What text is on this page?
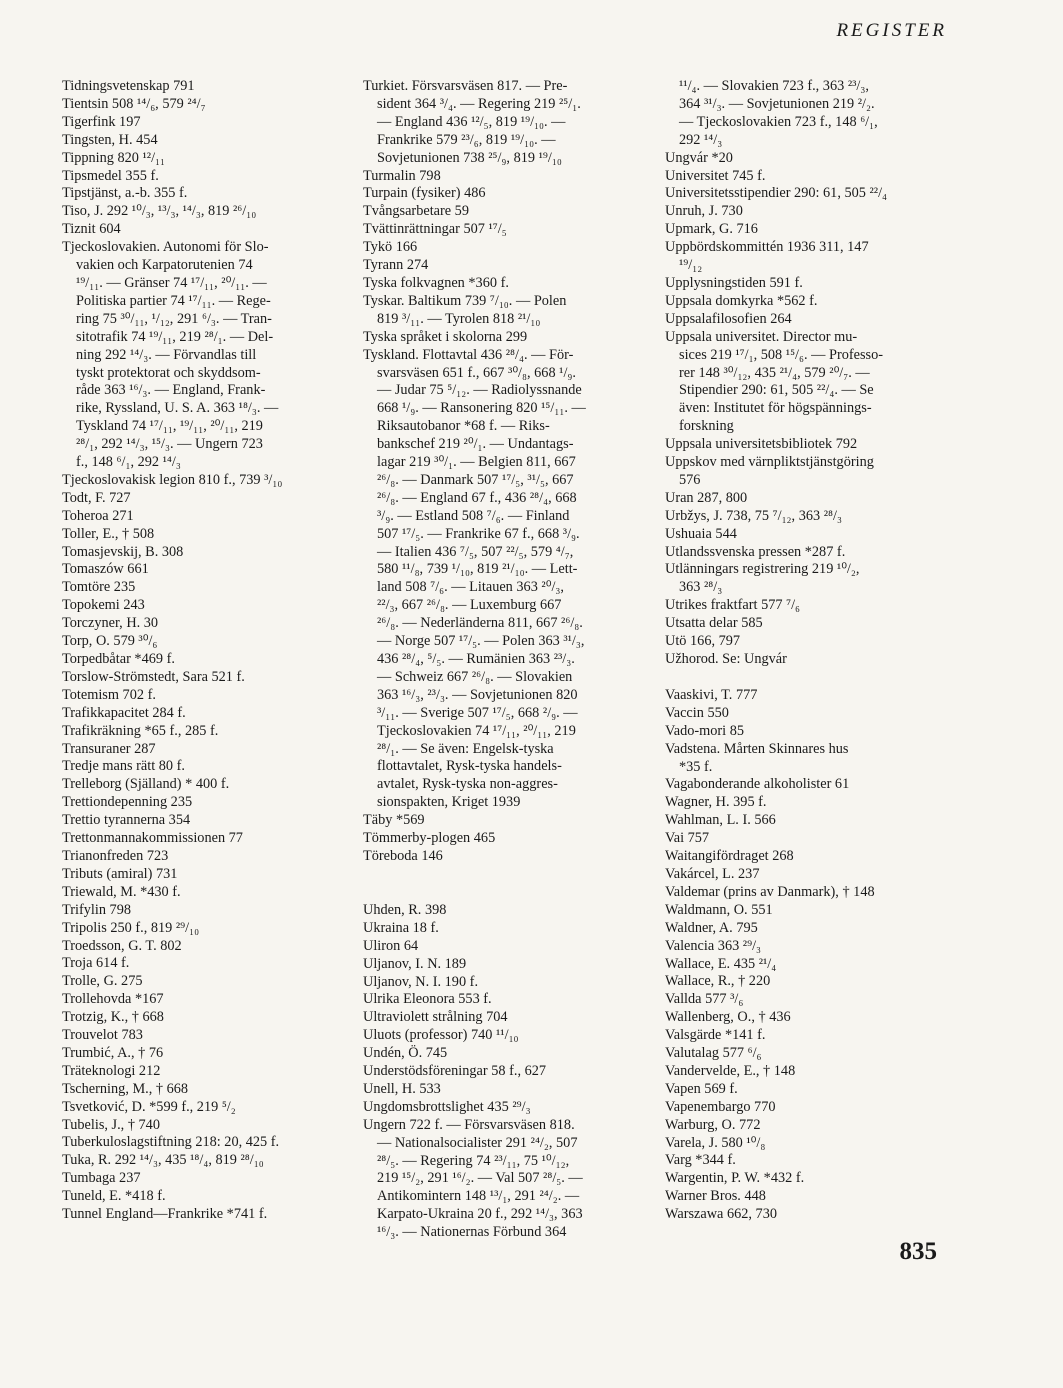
REGISTER
Tidningsvetenskap 791
Tientsin 508 ¹⁴/₆, 579 ²⁴/₇
Tigerfink 197
Tingsten, H. 454
Tippning 820 ¹²/₁₁
Tipsmedel 355 f.
Tipstjänst, a.-b. 355 f.
Tiso, J. 292 ¹⁰/₃, ¹³/₃, ¹⁴/₃, 819 ²⁶/₁₀
Tiznit 604
Tjeckoslovakien. Autonomi för Slo-
vakien och Karpatorutenien 74
¹⁹/₁₁. — Gränser 74 ¹⁷/₁₁, ²⁰/₁₁. —
Politiska partier 74 ¹⁷/₁₁. — Rege-
ring 75 ³⁰/₁₁, ¹/₁₂, 291 ⁶/₃. — Tran-
sitotrafik 74 ¹⁹/₁₁, 219 ²⁸/₁. — Del-
ning 292 ¹⁴/₃. — Förvandlas till
tyskt protektorat och skyddsom-
råde 363 ¹⁶/₃. — England, Frank-
rike, Ryssland, U. S. A. 363 ¹⁸/₃. —
Tyskland 74 ¹⁷/₁₁, ¹⁹/₁₁, ²⁰/₁₁, 219
²⁸/₁, 292 ¹⁴/₃, ¹⁵/₃. — Ungern 723
f., 148 ⁶/₁, 292 ¹⁴/₃
Tjeckoslovakisk legion 810 f., 739 ³/₁₀
Todt, F. 727
Toheroa 271
Toller, E., † 508
Tomasjevskij, B. 308
Tomaszów 661
Tomtöre 235
Topokemi 243
Torczyner, H. 30
Torp, O. 579 ³⁰/₆
Torpedbåtar *469 f.
Torslow-Strömstedt, Sara 521 f.
Totemism 702 f.
Trafikkapacitet 284 f.
Trafikräkning *65 f., 285 f.
Transuraner 287
Tredje mans rätt 80 f.
Trelleborg (Själland) * 400 f.
Trettiondepenning 235
Trettio tyrannerna 354
Trettonmannakommissionen 77
Trianonfreden 723
Tributs (amiral) 731
Triewald, M. *430 f.
Trifylin 798
Tripolis 250 f., 819 ²⁹/₁₀
Troedsson, G. T. 802
Troja 614 f.
Trolle, G. 275
Trollehovda *167
Trotzig, K., † 668
Trouvelot 783
Trumbić, A., † 76
Träteknologi 212
Tscherning, M., † 668
Tsvetković, D. *599 f., 219 ⁵/₂
Tubelis, J., † 740
Tuberkuloslagstiftning 218: 20, 425 f.
Tuka, R. 292 ¹⁴/₃, 435 ¹⁸/₄, 819 ²⁸/₁₀
Tumbaga 237
Tuneld, E. *418 f.
Tunnel England—Frankrike *741 f.
Turkiet. Försvarsväsen 817. — Pre-
sident 364 ³/₄. — Regering 219 ²⁵/₁.
— England 436 ¹²/₅, 819 ¹⁹/₁₀. —
Frankrike 579 ²³/₆, 819 ¹⁹/₁₀. —
Sovjetunionen 738 ²⁵/₉, 819 ¹⁹/₁₀
Turmalin 798
Turpain (fysiker) 486
Tvångsarbetare 59
Tvättinrättningar 507 ¹⁷/₅
Tykö 166
Tyrann 274
Tyska folkvagnen *360 f.
Tyskar. Baltikum 739 ⁷/₁₀. — Polen
819 ³/₁₁. — Tyrolen 818 ²¹/₁₀
Tyska språket i skolorna 299
Tyskland. Flottavtal 436 ²⁸/₄. — För-
svarsväsen 651 f., 667 ³⁰/₈, 668 ¹/₉.
— Judar 75 ⁵/₁₂. — Radiolyssnande
668 ¹/₉. — Ransonering 820 ¹⁵/₁₁. —
Riksautobanor *68 f. — Riks-
bankschef 219 ²⁰/₁. — Undantags-
lagar 219 ³⁰/₁. — Belgien 811, 667
²⁶/₈. — Danmark 507 ¹⁷/₅, ³¹/₅, 667
²⁶/₈. — England 67 f., 436 ²⁸/₄, 668
³/₉. — Estland 508 ⁷/₆. — Finland
507 ¹⁷/₅. — Frankrike 67 f., 668 ³/₉.
— Italien 436 ⁷/₅, 507 ²²/₅, 579 ⁴/₇,
580 ¹¹/₈, 739 ¹/₁₀, 819 ²¹/₁₀. — Lett-
land 508 ⁷/₆. — Litauen 363 ²⁰/₃,
²²/₃, 667 ²⁶/₈. — Luxemburg 667
²⁶/₈. — Nederländerna 811, 667 ²⁶/₈.
— Norge 507 ¹⁷/₅. — Polen 363 ³¹/₃,
436 ²⁸/₄, ⁵/₅. — Rumänien 363 ²³/₃.
— Schweiz 667 ²⁶/₈. — Slovakien
363 ¹⁶/₃, ²³/₃. — Sovjetunionen 820
³/₁₁. — Sverige 507 ¹⁷/₅, 668 ²/₉. —
Tjeckoslovakien 74 ¹⁷/₁₁, ²⁰/₁₁, 219
²⁸/₁. — Se även: Engelsk-tyska
flottavtalet, Rysk-tyska handels-
avtalet, Rysk-tyska non-aggres-
sionspakten, Kriget 1939
Täby *569
Tömmerby-plogen 465
Töreboda 146
Uhden, R. 398
Ukraina 18 f.
Uliron 64
Uljanov, I. N. 189
Uljanov, N. I. 190 f.
Ulrika Eleonora 553 f.
Ultraviolett strålning 704
Uluots (professor) 740 ¹¹/₁₀
Undén, Ö. 745
Understödsföreningar 58 f., 627
Unell, H. 533
Ungdomsbrottslighet 435 ²⁹/₃
Ungern 722 f. — Försvarsväsen 818.
— Nationalsocialister 291 ²⁴/₂, 507
²⁸/₅. — Regering 74 ²³/₁₁, 75 ¹⁰/₁₂,
219 ¹⁵/₂, 291 ¹⁶/₂. — Val 507 ²⁸/₅. —
Antikomintern 148 ¹³/₁, 291 ²⁴/₂. —
Karpato-Ukraina 20 f., 292 ¹⁴/₃, 363
¹⁶/₃. — Nationernas Förbund 364
¹¹/₄. — Slovakien 723 f., 363 ²³/₃,
364 ³¹/₃. — Sovjetunionen 219 ²/₂.
— Tjeckoslovakien 723 f., 148 ⁶/₁,
292 ¹⁴/₃
Ungvár *20
Universitet 745 f.
Universitetsstipendier 290: 61, 505 ²²/₄
Unruh, J. 730
Upmark, G. 716
Uppbördskommittén 1936 311, 147
¹⁹/₁₂
Upplysningstiden 591 f.
Uppsala domkyrka *562 f.
Uppsalafilosofien 264
Uppsala universitet. Director mu-
sices 219 ¹⁷/₁, 508 ¹⁵/₆. — Professo-
rer 148 ³⁰/₁₂, 435 ²¹/₄, 579 ²⁰/₇. —
Stipendier 290: 61, 505 ²²/₄. — Se
även: Institutet för högspännings-
forskning
Uppsala universitetsbibliotek 792
Uppskov med värnpliktstjänstgöring
576
Uran 287, 800
Urbžys, J. 738, 75 ⁷/₁₂, 363 ²⁸/₃
Ushuaia 544
Utlandssvenska pressen *287 f.
Utlänningars registrering 219 ¹⁰/₂,
363 ²⁸/₃
Utrikes fraktfart 577 ⁷/₆
Utsatta delar 585
Utö 166, 797
Užhorod. Se: Ungvár
Vaaskivi, T. 777
Vaccin 550
Vado-mori 85
Vadstena. Mårten Skinnares hus
*35 f.
Vagabonderande alkoholister 61
Wagner, H. 395 f.
Wahlman, L. I. 566
Vai 757
Waitangifördraget 268
Vakárcel, L. 237
Valdemar (prins av Danmark), † 148
Waldmann, O. 551
Waldner, A. 795
Valencia 363 ²⁹/₃
Wallace, E. 435 ²¹/₄
Wallace, R., † 220
Vallda 577 ³/₆
Wallenberg, O., † 436
Valsgärde *141 f.
Valutalag 577 ⁶/₆
Vandervelde, E., † 148
Vapen 569 f.
Vapenembargo 770
Warburg, O. 772
Varela, J. 580 ¹⁰/₈
Varg *344 f.
Wargentin, P. W. *432 f.
Warner Bros. 448
Warszawa 662, 730
835
